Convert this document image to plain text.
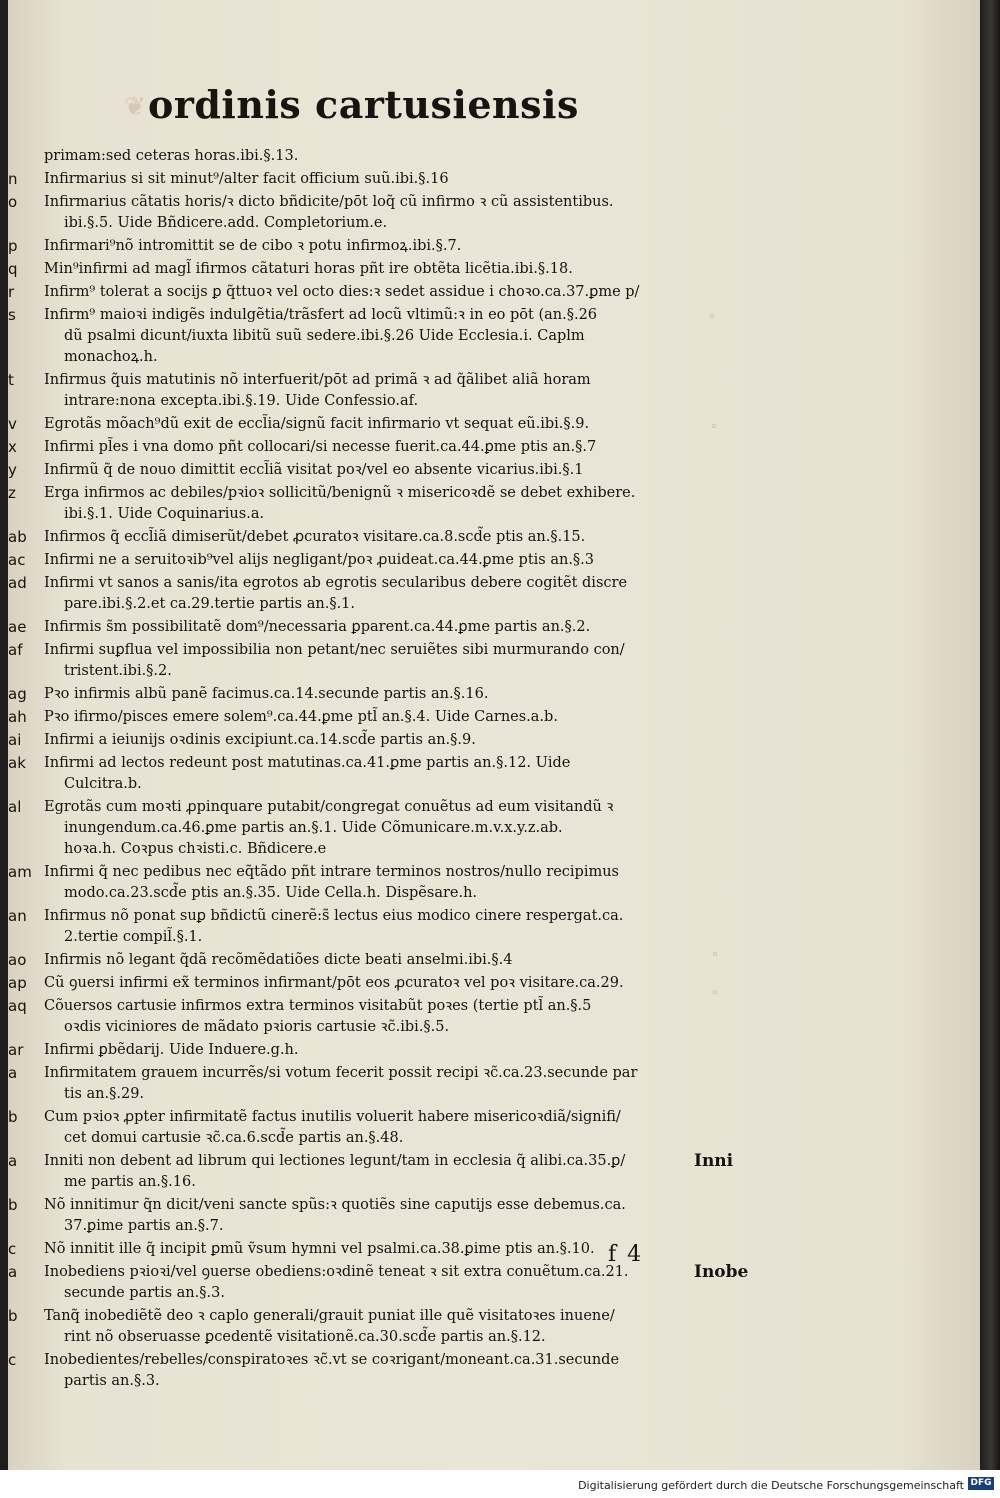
❦ ordinis cartusiensis
primam:sed ceteras horas.ibi.§.13.
n	Infirmarius si sit minut⁹/alter facit officium suũ.ibi.§.16
o	Infirmarius cãtatis horis/ꝛ dicto bñdicite/pōt loq̃ cũ infirmo ꝛ cũ assistentibus.
ibi.§.5. Uide Bñdicere.add. Completorium.e.
p	Infirmari⁹nõ intromittit se de cibo ꝛ potu infirmoꝝ.ibi.§.7.
q	Min⁹infirmi ad magl̃ ifirmos cãtaturi horas pñt ire obtẽta licẽtia.ibi.§.18.
r	Infirm⁹ tolerat a socijs ꝑ q̃ttuoꝛ vel octo dies:ꝛ sedet assidue i choꝛo.ca.37.ꝑme p/
s	Infirm⁹ maioꝛi indigẽs indulgẽtia/trãsfert ad locũ vltimũ:ꝛ in eo pōt (an.§.26
dũ psalmi dicunt/iuxta libitũ suũ sedere.ibi.§.26 Uide Ecclesia.i. Caplm
monachoꝝ.h.
t	Infirmus q̃uis matutinis nõ interfuerit/pōt ad primã ꝛ ad q̃ãlibet aliã horam
intrare:nona excepta.ibi.§.19. Uide Confessio.af.
v	Egrotãs mõach⁹dũ exit de eccl̃ia/signũ facit infirmario vt sequat eũ.ibi.§.9.
x	Infirmi pl̃es i vna domo pñt collocari/si necesse fuerit.ca.44.ꝑme ptis an.§.7
y	Infirmũ q̃ de nouo dimittit eccl̃iã visitat poꝛ/vel eo absente vicarius.ibi.§.1
z	Erga infirmos ac debiles/pꝛioꝛ sollicitũ/benignũ ꝛ misericoꝛdẽ se debet exhibere.
ibi.§.1. Uide Coquinarius.a.
ab	Infirmos q̃ eccl̃iã dimiserũt/debet ꝓcuratoꝛ visitare.ca.8.scd̃e ptis an.§.15.
ac	Infirmi ne a seruitoꝛib⁹vel alijs negligant/poꝛ ꝓuideat.ca.44.ꝑme ptis an.§.3
ad	Infirmi vt sanos a sanis/ita egrotos ab egrotis secularibus debere cogitẽt discre
pare.ibi.§.2.et ca.29.tertie partis an.§.1.
ae	Infirmis s̃m possibilitatẽ dom⁹/necessaria ꝑparent.ca.44.ꝑme partis an.§.2.
af	Infirmi suꝑflua vel impossibilia non petant/nec seruiẽtes sibi murmurando con/
tristent.ibi.§.2.
ag	Pꝛo infirmis albũ panẽ facimus.ca.14.secunde partis an.§.16.
ah	Pꝛo ifirmo/pisces emere solem⁹.ca.44.ꝑme ptl̃ an.§.4. Uide Carnes.a.b.
ai	Infirmi a ieiunijs oꝛdinis excipiunt.ca.14.scd̃e partis an.§.9.
ak	Infirmi ad lectos redeunt post matutinas.ca.41.ꝑme partis an.§.12. Uide
Culcitra.b.
al	Egrotãs cum moꝛti ꝓpinquare putabit/congregat conuẽtus ad eum visitandũ ꝛ
inungendum.ca.46.ꝑme partis an.§.1. Uide Cõmunicare.m.v.x.y.z.ab.
hoꝛa.h. Coꝛpus chꝛisti.c. Bñdicere.e
am Infirmi q̃ nec pedibus nec eq̃tãdo pñt intrare terminos nostros/nullo recipimus
modo.ca.23.scd̃e ptis an.§.35. Uide Cella.h. Dispẽsare.h.
an	Infirmus nõ ponat suꝑ bñdictũ cinerẽ:s̃ lectus eius modico cinere respergat.ca.
2.tertie compil̃.§.1.
ao	Infirmis nõ legant q̃dã recõmẽdatiões dicte beati anselmi.ibi.§.4
ap	Cũ ꝯuersi infirmi ex̃ terminos infirmant/pōt eos ꝓcuratoꝛ vel poꝛ visitare.ca.29.
aq	Cõuersos cartusie infirmos extra terminos visitabũt poꝛes (tertie ptl̃ an.§.5
oꝛdis viciniores de mãdato pꝛioris cartusie ꝛc̃.ibi.§.5.
ar	Infirmi ꝑbẽdarij. Uide Induere.g.h.
a	Infirmitatem grauem incurrẽs/si votum fecerit possit recipi ꝛc̃.ca.23.secunde par
tis an.§.29.
b	Cum pꝛioꝛ ꝓpter infirmitatẽ factus inutilis voluerit habere misericoꝛdiã/signifi/
cet domui cartusie ꝛc̃.ca.6.scd̃e partis an.§.48.
a	Inniti non debent ad librum qui lectiones legunt/tam in ecclesia q̃ alibi.ca.35.ꝑ/
me partis an.§.16.
Inni
b	Nõ innitimur q̃n dicit/veni sancte spũs:ꝛ quotiẽs sine caputijs esse debemus.ca.
37.ꝑime partis an.§.7.
c	Nõ innitit ille q̃ incipit ꝑmũ ṽsum hymni vel psalmi.ca.38.ꝑime ptis an.§.10.
a	Inobediens pꝛioꝛi/vel ꝯuerse obediens:oꝛdinẽ teneat ꝛ sit extra conuẽtum.ca.21.
secunde partis an.§.3.
Inobe
b	Tanq̃ inobediẽtẽ deo ꝛ caplo generali/grauit puniat ille quẽ visitatoꝛes inuene/
rint nõ obseruasse ꝑcedentẽ visitationẽ.ca.30.scd̃e partis an.§.12.
c	Inobedientes/rebelles/conspiratoꝛes ꝛc̃.vt se coꝛrigant/moneant.ca.31.secunde
partis an.§.3.
◦
◦
◦
◦
f 4
Digitalisierung gefördert durch die Deutsche Forschungsgemeinschaft DFG
